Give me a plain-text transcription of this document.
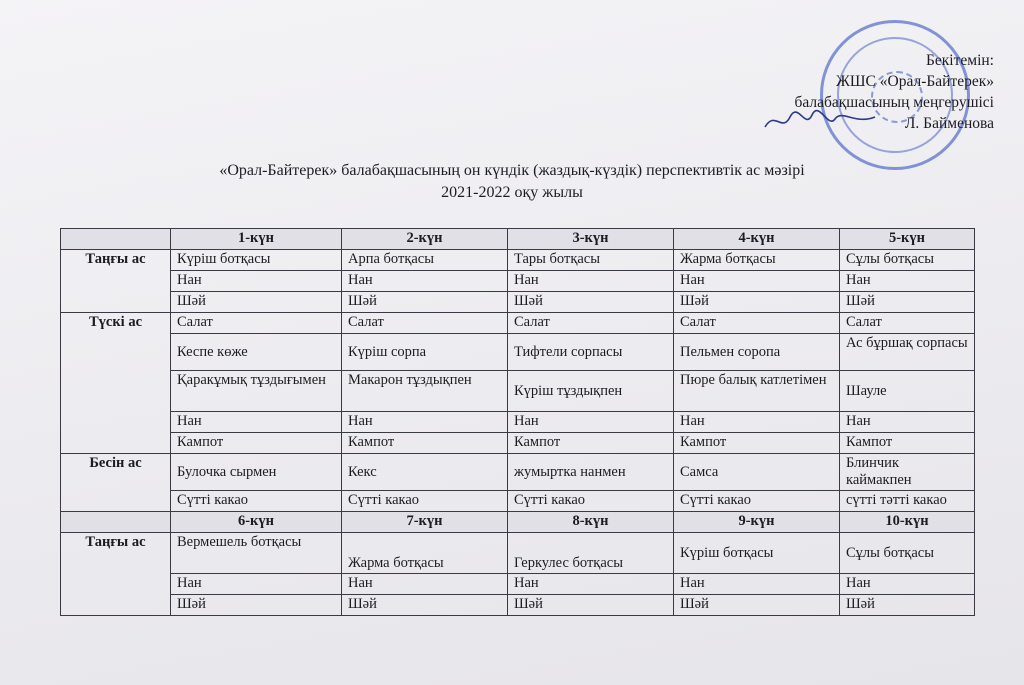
Бекітемін:
ЖШС «Орал-Байтерек»
балабақшасының меңгерушісі
Л. Байменова
«Орал-Байтерек» балабақшасының он күндік (жаздық-күздік) перспективтік ас мәзірі
2021-2022 оқу жылы
	1-күн	2-күн	3-күн	4-күн	5-күн
Таңғы ас	Күріш ботқасы	Арпа ботқасы	Тары ботқасы	Жарма ботқасы	Сұлы ботқасы
	Нан	Нан	Нан	Нан	Нан
	Шәй	Шәй	Шәй	Шәй	Шәй
Түскі ас	Салат	Салат	Салат	Салат	Салат
	Кеспе көже	Күріш сорпа	Тифтели сорпасы	Пельмен соропа	Ас бұршақ сорпасы
	Қаракұмық тұздығымен	Макарон тұздықпен	Күріш тұздықпен	Пюре балық катлетімен	Шауле
	Нан	Нан	Нан	Нан	Нан
	Кампот	Кампот	Кампот	Кампот	Кампот
Бесін ас	Булочка сырмен	Кекс	жумыртка нанмен	Самса	Блинчик каймакпен
	Сүтті какао	Сүтті какао	Сүтті какао	Сүтті какао	сүтті тәтті какао
	6-күн	7-күн	8-күн	9-күн	10-күн
Таңғы ас	Вермешель ботқасы	Жарма ботқасы	Геркулес ботқасы	Күріш ботқасы	Сұлы ботқасы
	Нан	Нан	Нан	Нан	Нан
	Шәй	Шәй	Шәй	Шәй	Шәй
